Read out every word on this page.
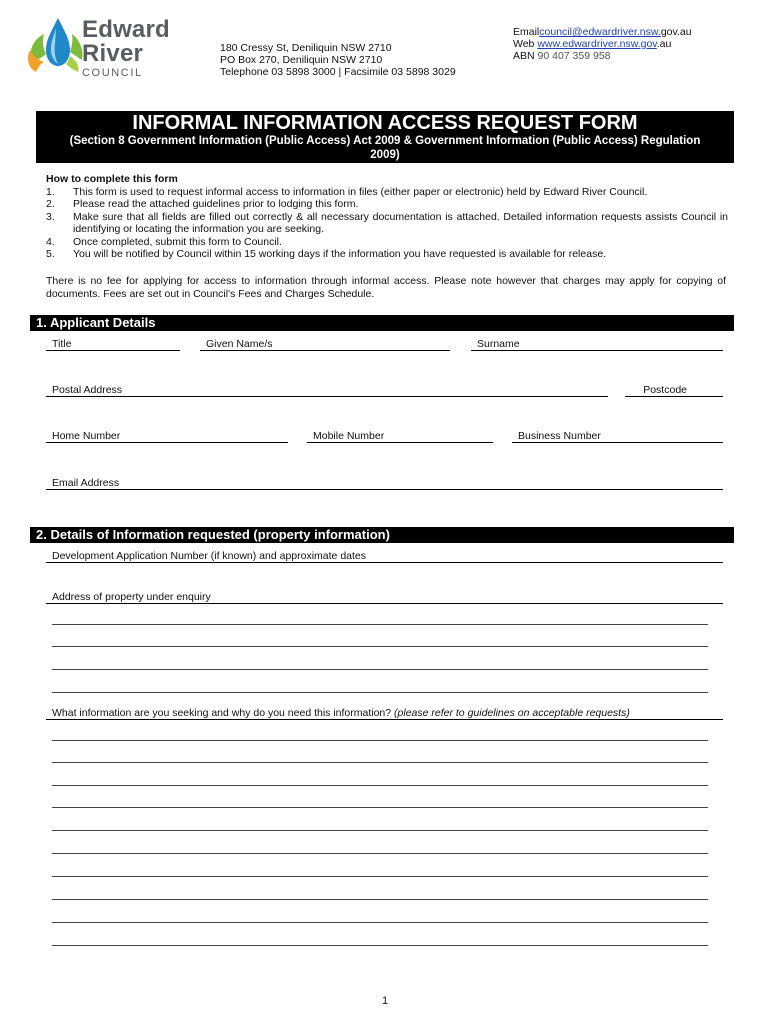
Edward
River
COUNCIL
180 Cressy St, Deniliquin NSW 2710
PO Box 270, Deniliquin NSW 2710
Telephone 03 5898 3000 | Facsimile 03 5898 3029
Emailcouncil@edwardriver.nsw.gov.au
Web www.edwardriver.nsw.gov.au
ABN 90 407 359 958
INFORMAL INFORMATION ACCESS REQUEST FORM
(Section 8 Government Information (Public Access) Act 2009 & Government Information (Public Access) Regulation 2009)
How to complete this form
1. This form is used to request informal access to information in files (either paper or electronic) held by Edward River Council.
2. Please read the attached guidelines prior to lodging this form.
3. Make sure that all fields are filled out correctly & all necessary documentation is attached. Detailed information requests assists Council in identifying or locating the information you are seeking.
4. Once completed, submit this form to Council.
5. You will be notified by Council within 15 working days if the information you have requested is available for release.
There is no fee for applying for access to information through informal access. Please note however that charges may apply for copying of documents. Fees are set out in Council's Fees and Charges Schedule.
1. Applicant Details
Title	Given Name/s	Surname
Postal Address	Postcode
Home Number	Mobile Number	Business Number
Email Address
2. Details of Information requested (property information)
Development Application Number (if known) and approximate dates
Address of property under enquiry
What information are you seeking and why do you need this information? (please refer to guidelines on acceptable requests)
1
